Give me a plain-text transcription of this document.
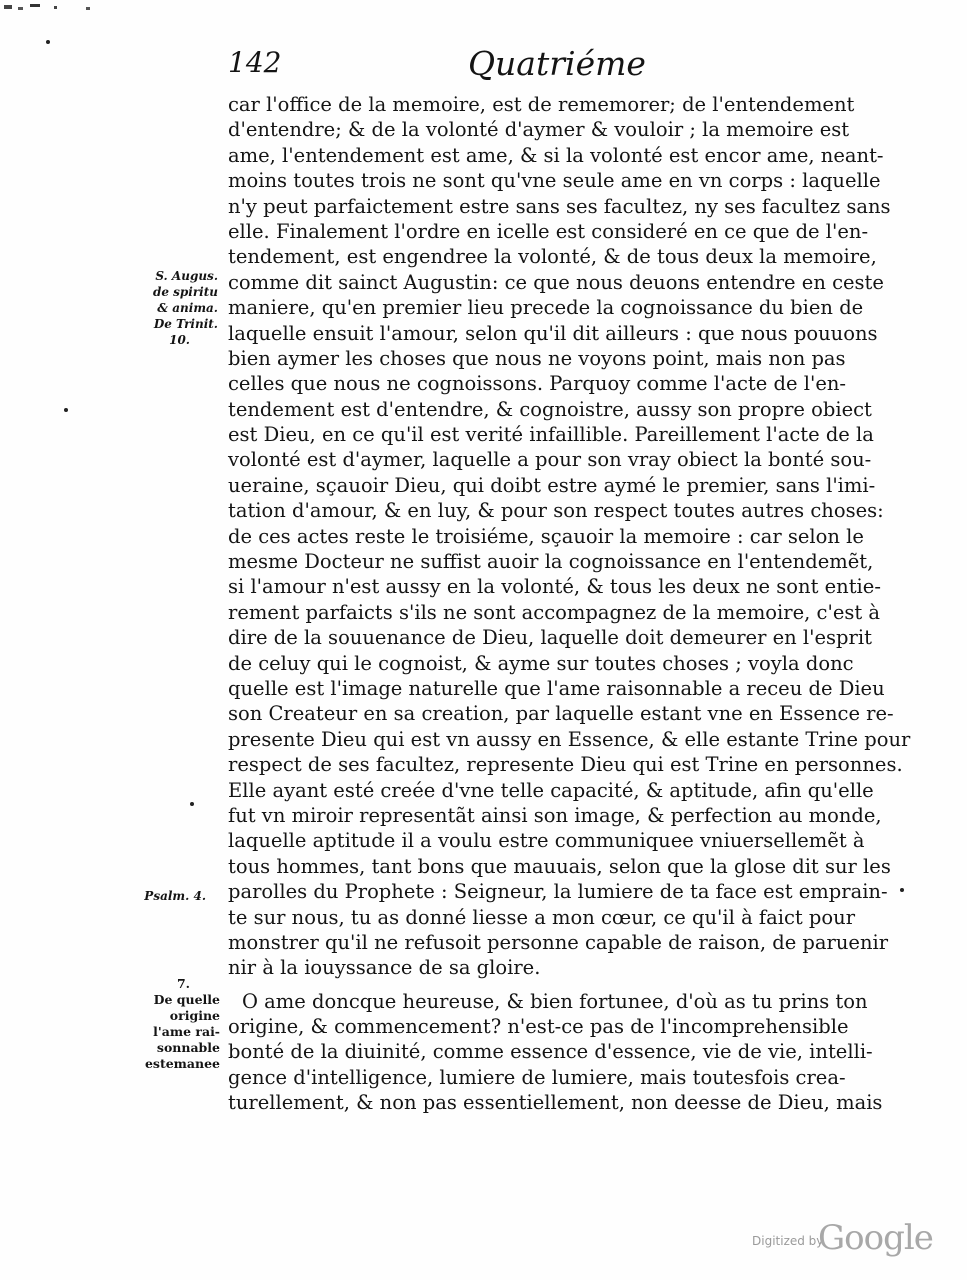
142	Quatriéme
S. Augus.
de spiritu
& anima.
De Trinit.
10.
Psalm. 4.
7.
De quelle
origine
l'ame rai-
sonnable
estemanee
car l'office de la memoire, est de rememorer; de l'entendement
d'entendre; & de la volonté d'aymer & vouloir ; la memoire est
ame, l'entendement est ame, & si la volonté est encor ame, neant-
moins toutes trois ne sont qu'vne seule ame en vn corps : laquelle
n'y peut parfaictement estre sans ses facultez, ny ses facultez sans
elle. Finalement l'ordre en icelle est consideré en ce que de l'en-
tendement, est engendree la volonté, & de tous deux la memoire,
comme dit sainct Augustin: ce que nous deuons entendre en ceste
maniere, qu'en premier lieu precede la cognoissance du bien de
laquelle ensuit l'amour, selon qu'il dit ailleurs : que nous pouuons
bien aymer les choses que nous ne voyons point, mais non pas
celles que nous ne cognoissons. Parquoy comme l'acte de l'en-
tendement est d'entendre, & cognoistre, aussy son propre obiect
est Dieu, en ce qu'il est verité infaillible. Pareillement l'acte de la
volonté est d'aymer, laquelle a pour son vray obiect la bonté sou-
ueraine, sçauoir Dieu, qui doibt estre aymé le premier, sans l'imi-
tation d'amour, & en luy, & pour son respect toutes autres choses:
de ces actes reste le troisiéme, sçauoir la memoire : car selon le
mesme Docteur ne suffist auoir la cognoissance en l'entendemẽt,
si l'amour n'est aussy en la volonté, & tous les deux ne sont entie-
rement parfaicts s'ils ne sont accompagnez de la memoire, c'est à
dire de la souuenance de Dieu, laquelle doit demeurer en l'esprit
de celuy qui le cognoist, & ayme sur toutes choses ; voyla donc
quelle est l'image naturelle que l'ame raisonnable a receu de Dieu
son Createur en sa creation, par laquelle estant vne en Essence re-
presente Dieu qui est vn aussy en Essence, & elle estante Trine pour
respect de ses facultez, represente Dieu qui est Trine en personnes.
Elle ayant esté creée d'vne telle capacité, & aptitude, afin qu'elle
fut vn miroir representãt ainsi son image, & perfection au monde,
laquelle aptitude il a voulu estre communiquee vniuersellemẽt à
tous hommes, tant bons que mauuais, selon que la glose dit sur les
parolles du Prophete : Seigneur, la lumiere de ta face est emprain-
te sur nous, tu as donné liesse a mon cœur, ce qu'il à faict pour
monstrer qu'il ne refusoit personne capable de raison, de paruenir
nir à la iouyssance de sa gloire.
O ame doncque heureuse, & bien fortunee, d'où as tu prins ton
origine, & commencement? n'est-ce pas de l'incomprehensible
bonté de la diuinité, comme essence d'essence, vie de vie, intelli-
gence d'intelligence, lumiere de lumiere, mais toutesfois crea-
turellement, & non pas essentiellement, non deesse de Dieu, mais
Digitized by
Google
